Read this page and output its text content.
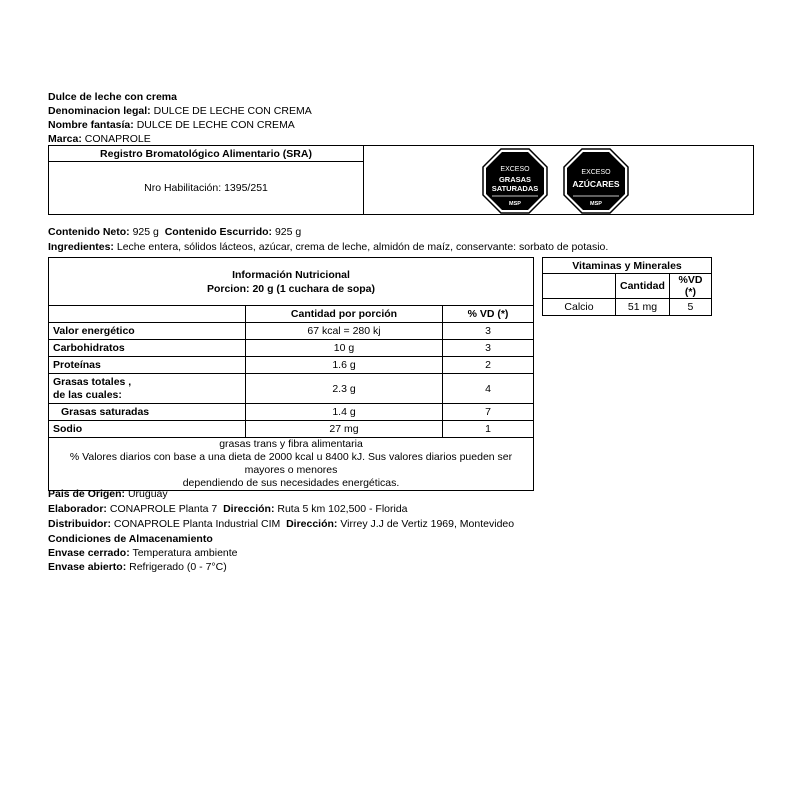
Dulce de leche con crema
Denominacion legal: DULCE DE LECHE CON CREMA
Nombre fantasía: DULCE DE LECHE CON CREMA
Marca: CONAPROLE
Registro Bromatológico Alimentario (SRA)	
Nro Habilitación: 1395/251
EXCESO
GRASAS
SATURADAS
MSP
EXCESO
AZÚCARES
MSP
Contenido Neto: 925 g Contenido Escurrido: 925 g
Ingredientes: Leche entera, sólidos lácteos, azúcar, crema de leche, almidón de maíz, conservante: sorbato de potasio.
Información Nutricional
Porcion: 20 g (1 cuchara de sopa)		
	Cantidad por porción	% VD (*)
Valor energético	67 kcal = 280 kj	3
Carbohidratos	10 g	3
Proteínas	1.6 g	2
Grasas totales ,
de las cuales:	2.3 g	4
Grasas saturadas	1.4 g	7
Sodio	27 mg	1
grasas trans y fibra alimentaria
% Valores diarios con base a una dieta de 2000 kcal u 8400 kJ. Sus valores diarios pueden ser mayores o menores
dependiendo de sus necesidades energéticas.		
Vitaminas y Minerales		
	Cantidad	%VD (*)
Calcio	51 mg	5
Pais de Origen: Uruguay
Elaborador: CONAPROLE Planta 7 Dirección: Ruta 5 km 102,500 - Florida
Distribuidor: CONAPROLE Planta Industrial CIM Dirección: Virrey J.J de Vertiz 1969, Montevideo
Condiciones de Almacenamiento
Envase cerrado: Temperatura ambiente
Envase abierto: Refrigerado (0 - 7°C)
